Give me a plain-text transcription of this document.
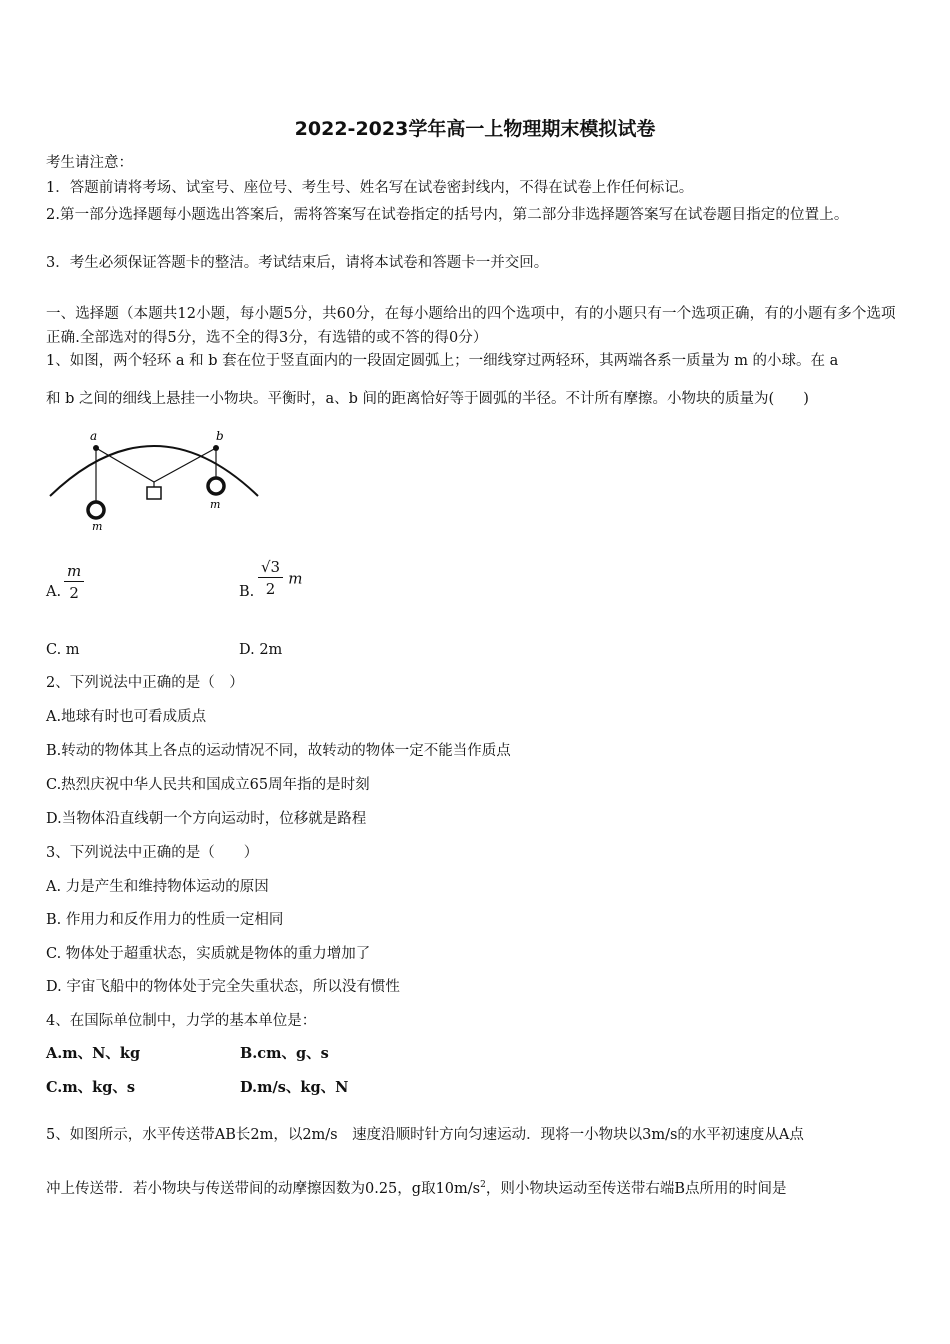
2022-2023学年高一上物理期末模拟试卷
考生请注意：
1．答题前请将考场、试室号、座位号、考生号、姓名写在试卷密封线内，不得在试卷上作任何标记。
2.第一部分选择题每小题选出答案后，需将答案写在试卷指定的括号内，第二部分非选择题答案写在试卷题目指定的位置上。
3．考生必须保证答题卡的整洁。考试结束后，请将本试卷和答题卡一并交回。
一、选择题（本题共12小题，每小题5分，共60分，在每小题给出的四个选项中，有的小题只有一个选项正确，有的小题有多个选项正确.全部选对的得5分，选不全的得3分，有选错的或不答的得0分）
1、如图，两个轻环 a 和 b 套在位于竖直面内的一段固定圆弧上；一细线穿过两轻环，其两端各系一质量为 m 的小球。在 a
和 b 之间的细线上悬挂一小物块。平衡时，a、b 间的距离恰好等于圆弧的半径。不计所有摩擦。小物块的质量为(　　)
a	b
m
m
A. $\frac{m}{2}$	B. $\frac{√3}{2}$ m
C. m	D. 2m
2、下列说法中正确的是（　）
A.地球有时也可看成质点
B.转动的物体其上各点的运动情况不同，故转动的物体一定不能当作质点
C.热烈庆祝中华人民共和国成立65周年指的是时刻
D.当物体沿直线朝一个方向运动时，位移就是路程
3、下列说法中正确的是（　　）
A. 力是产生和维持物体运动的原因
B. 作用力和反作用力的性质一定相同
C. 物体处于超重状态，实质就是物体的重力增加了
D. 宇宙飞船中的物体处于完全失重状态，所以没有惯性
4、在国际单位制中，力学的基本单位是：
A.m、N、kg	B.cm、g、s
C.m、kg、s	D.m/s、kg、N
5、如图所示，水平传送带AB长2m，以2m/s　速度沿顺时针方向匀速运动．现将一小物块以3m/s的水平初速度从A点
冲上传送带．若小物块与传送带间的动摩擦因数为0.25，g取$10m/s^2$，则小物块运动至传送带右端B点所用的时间是
